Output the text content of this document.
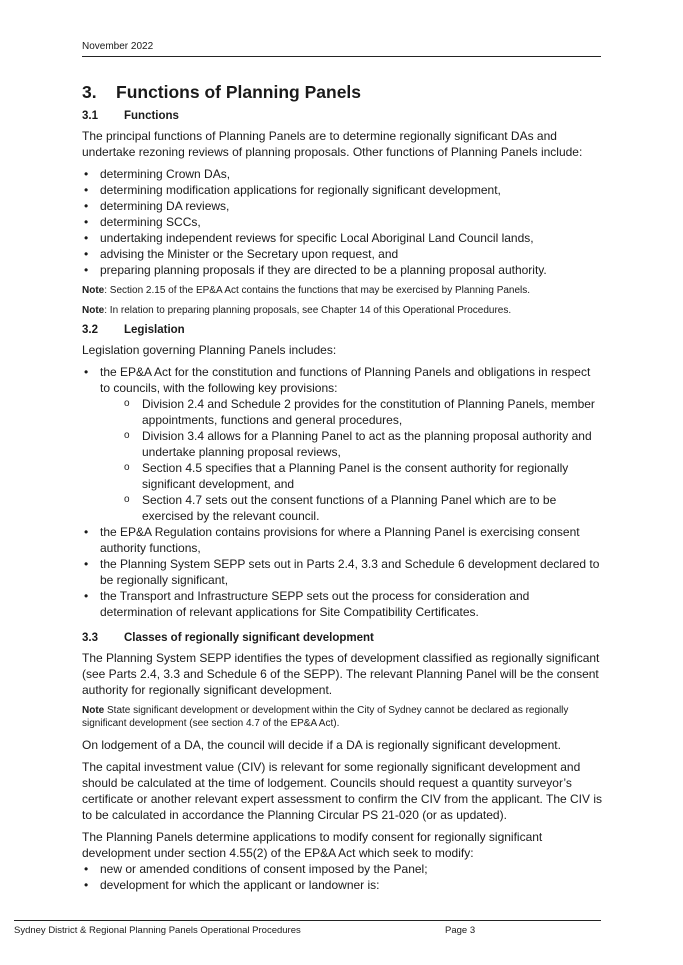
November 2022
3.	Functions of Planning Panels
3.1	Functions

The principal functions of Planning Panels are to determine regionally significant DAs and undertake rezoning reviews of planning proposals. Other functions of Planning Panels include:

• determining Crown DAs,
• determining modification applications for regionally significant development,
• determining DA reviews,
• determining SCCs,
• undertaking independent reviews for specific Local Aboriginal Land Council lands,
• advising the Minister or the Secretary upon request, and
• preparing planning proposals if they are directed to be a planning proposal authority.

Note: Section 2.15 of the EP&A Act contains the functions that may be exercised by Planning Panels.

Note: In relation to preparing planning proposals, see Chapter 14 of this Operational Procedures.

3.2	Legislation

Legislation governing Planning Panels includes:

• the EP&A Act for the constitution and functions of Planning Panels and obligations in respect to councils, with the following key provisions:
o Division 2.4 and Schedule 2 provides for the constitution of Planning Panels, member appointments, functions and general procedures,
o Division 3.4 allows for a Planning Panel to act as the planning proposal authority and undertake planning proposal reviews,
o Section 4.5 specifies that a Planning Panel is the consent authority for regionally significant development, and
o Section 4.7 sets out the consent functions of a Planning Panel which are to be exercised by the relevant council.
• the EP&A Regulation contains provisions for where a Planning Panel is exercising consent authority functions,
• the Planning System SEPP sets out in Parts 2.4, 3.3 and Schedule 6 development declared to be regionally significant,
• the Transport and Infrastructure SEPP sets out the process for consideration and determination of relevant applications for Site Compatibility Certificates.
3.3	Classes of regionally significant development

The Planning System SEPP identifies the types of development classified as regionally significant (see Parts 2.4, 3.3 and Schedule 6 of the SEPP). The relevant Planning Panel will be the consent authority for regionally significant development.

Note State significant development or development within the City of Sydney cannot be declared as regionally significant development (see section 4.7 of the EP&A Act).

On lodgement of a DA, the council will decide if a DA is regionally significant development.

The capital investment value (CIV) is relevant for some regionally significant development and should be calculated at the time of lodgement. Councils should request a quantity surveyor’s certificate or another relevant expert assessment to confirm the CIV from the applicant. The CIV is to be calculated in accordance the Planning Circular PS 21-020 (or as updated).

The Planning Panels determine applications to modify consent for regionally significant development under section 4.55(2) of the EP&A Act which seek to modify:

• new or amended conditions of consent imposed by the Panel;
• development for which the applicant or landowner is:
Sydney District & Regional Planning Panels Operational Procedures	Page 3
